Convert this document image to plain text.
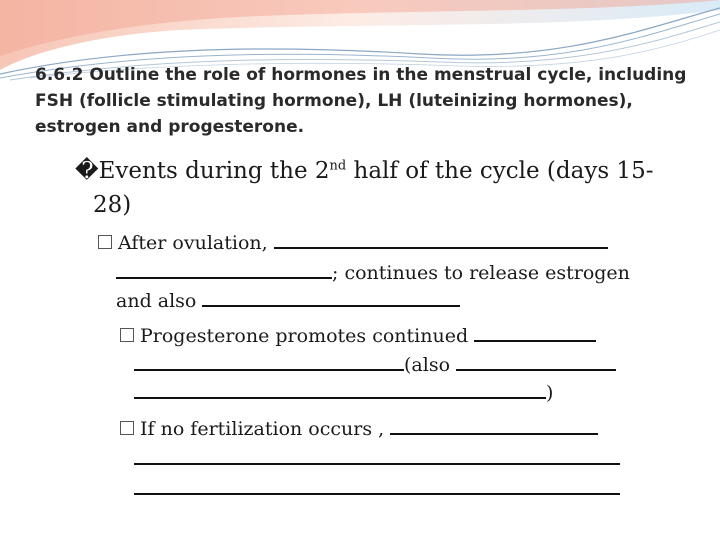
6.6.2 Outline the role of hormones in the menstrual cycle, including FSH (follicle stimulating hormone), LH (luteinizing hormones), estrogen and progesterone.
�Events during the 2nd half of the cycle (days 15-
28)
After ovulation,
; continues to release estrogen
and also
Progesterone promotes continued
(also
)
If no fertilization occurs ,
